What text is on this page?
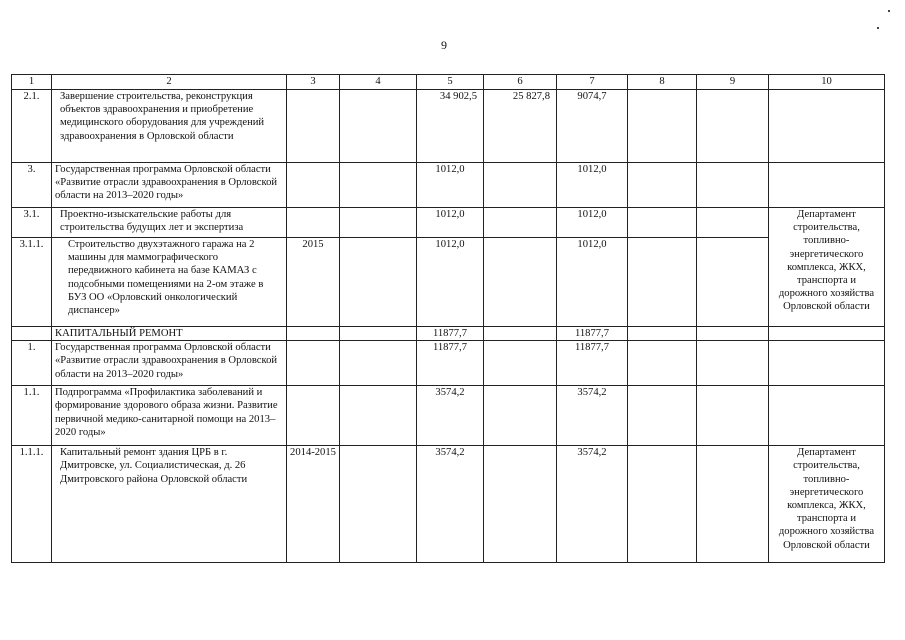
9
1	2	3	4	5	6	7	8	9	10
2.1.	Завершение строительства, реконструкция объектов здравоохранения и приобретение медицинского оборудования для учреждений здравоохранения в Орловской области			34 902,5	25 827,8	9074,7			
3.	Государственная программа Орловской области «Развитие отрасли здравоохранения в Орловской области на 2013–2020 годы»			1012,0		1012,0			
3.1.	Проектно-изыскательские работы для строительства будущих лет и экспертиза			1012,0		1012,0			Департамент строительства, топливно-энергетического комплекса, ЖКХ, транспорта и дорожного хозяйства Орловской области
3.1.1.	Строительство двухэтажного гаража на 2 машины для маммографического передвижного кабинета на базе КАМАЗ с подсобными помещениями на 2-ом этаже в БУЗ ОО «Орловский онкологический диспансер»	2015		1012,0		1012,0			
	КАПИТАЛЬНЫЙ РЕМОНТ			11877,7		11877,7			
1.	Государственная программа Орловской области «Развитие отрасли здравоохранения в Орловской области на 2013–2020 годы»			11877,7		11877,7			
1.1.	Подпрограмма «Профилактика заболеваний и формирование здорового образа жизни. Развитие первичной медико-санитарной помощи на 2013–2020 годы»			3574,2		3574,2			
1.1.1.	Капитальный ремонт здания ЦРБ в г. Дмитровске, ул. Социалистическая, д. 26 Дмитровского района Орловской области	2014-2015		3574,2		3574,2			Департамент строительства, топливно-энергетического комплекса, ЖКХ, транспорта и дорожного хозяйства Орловской области
